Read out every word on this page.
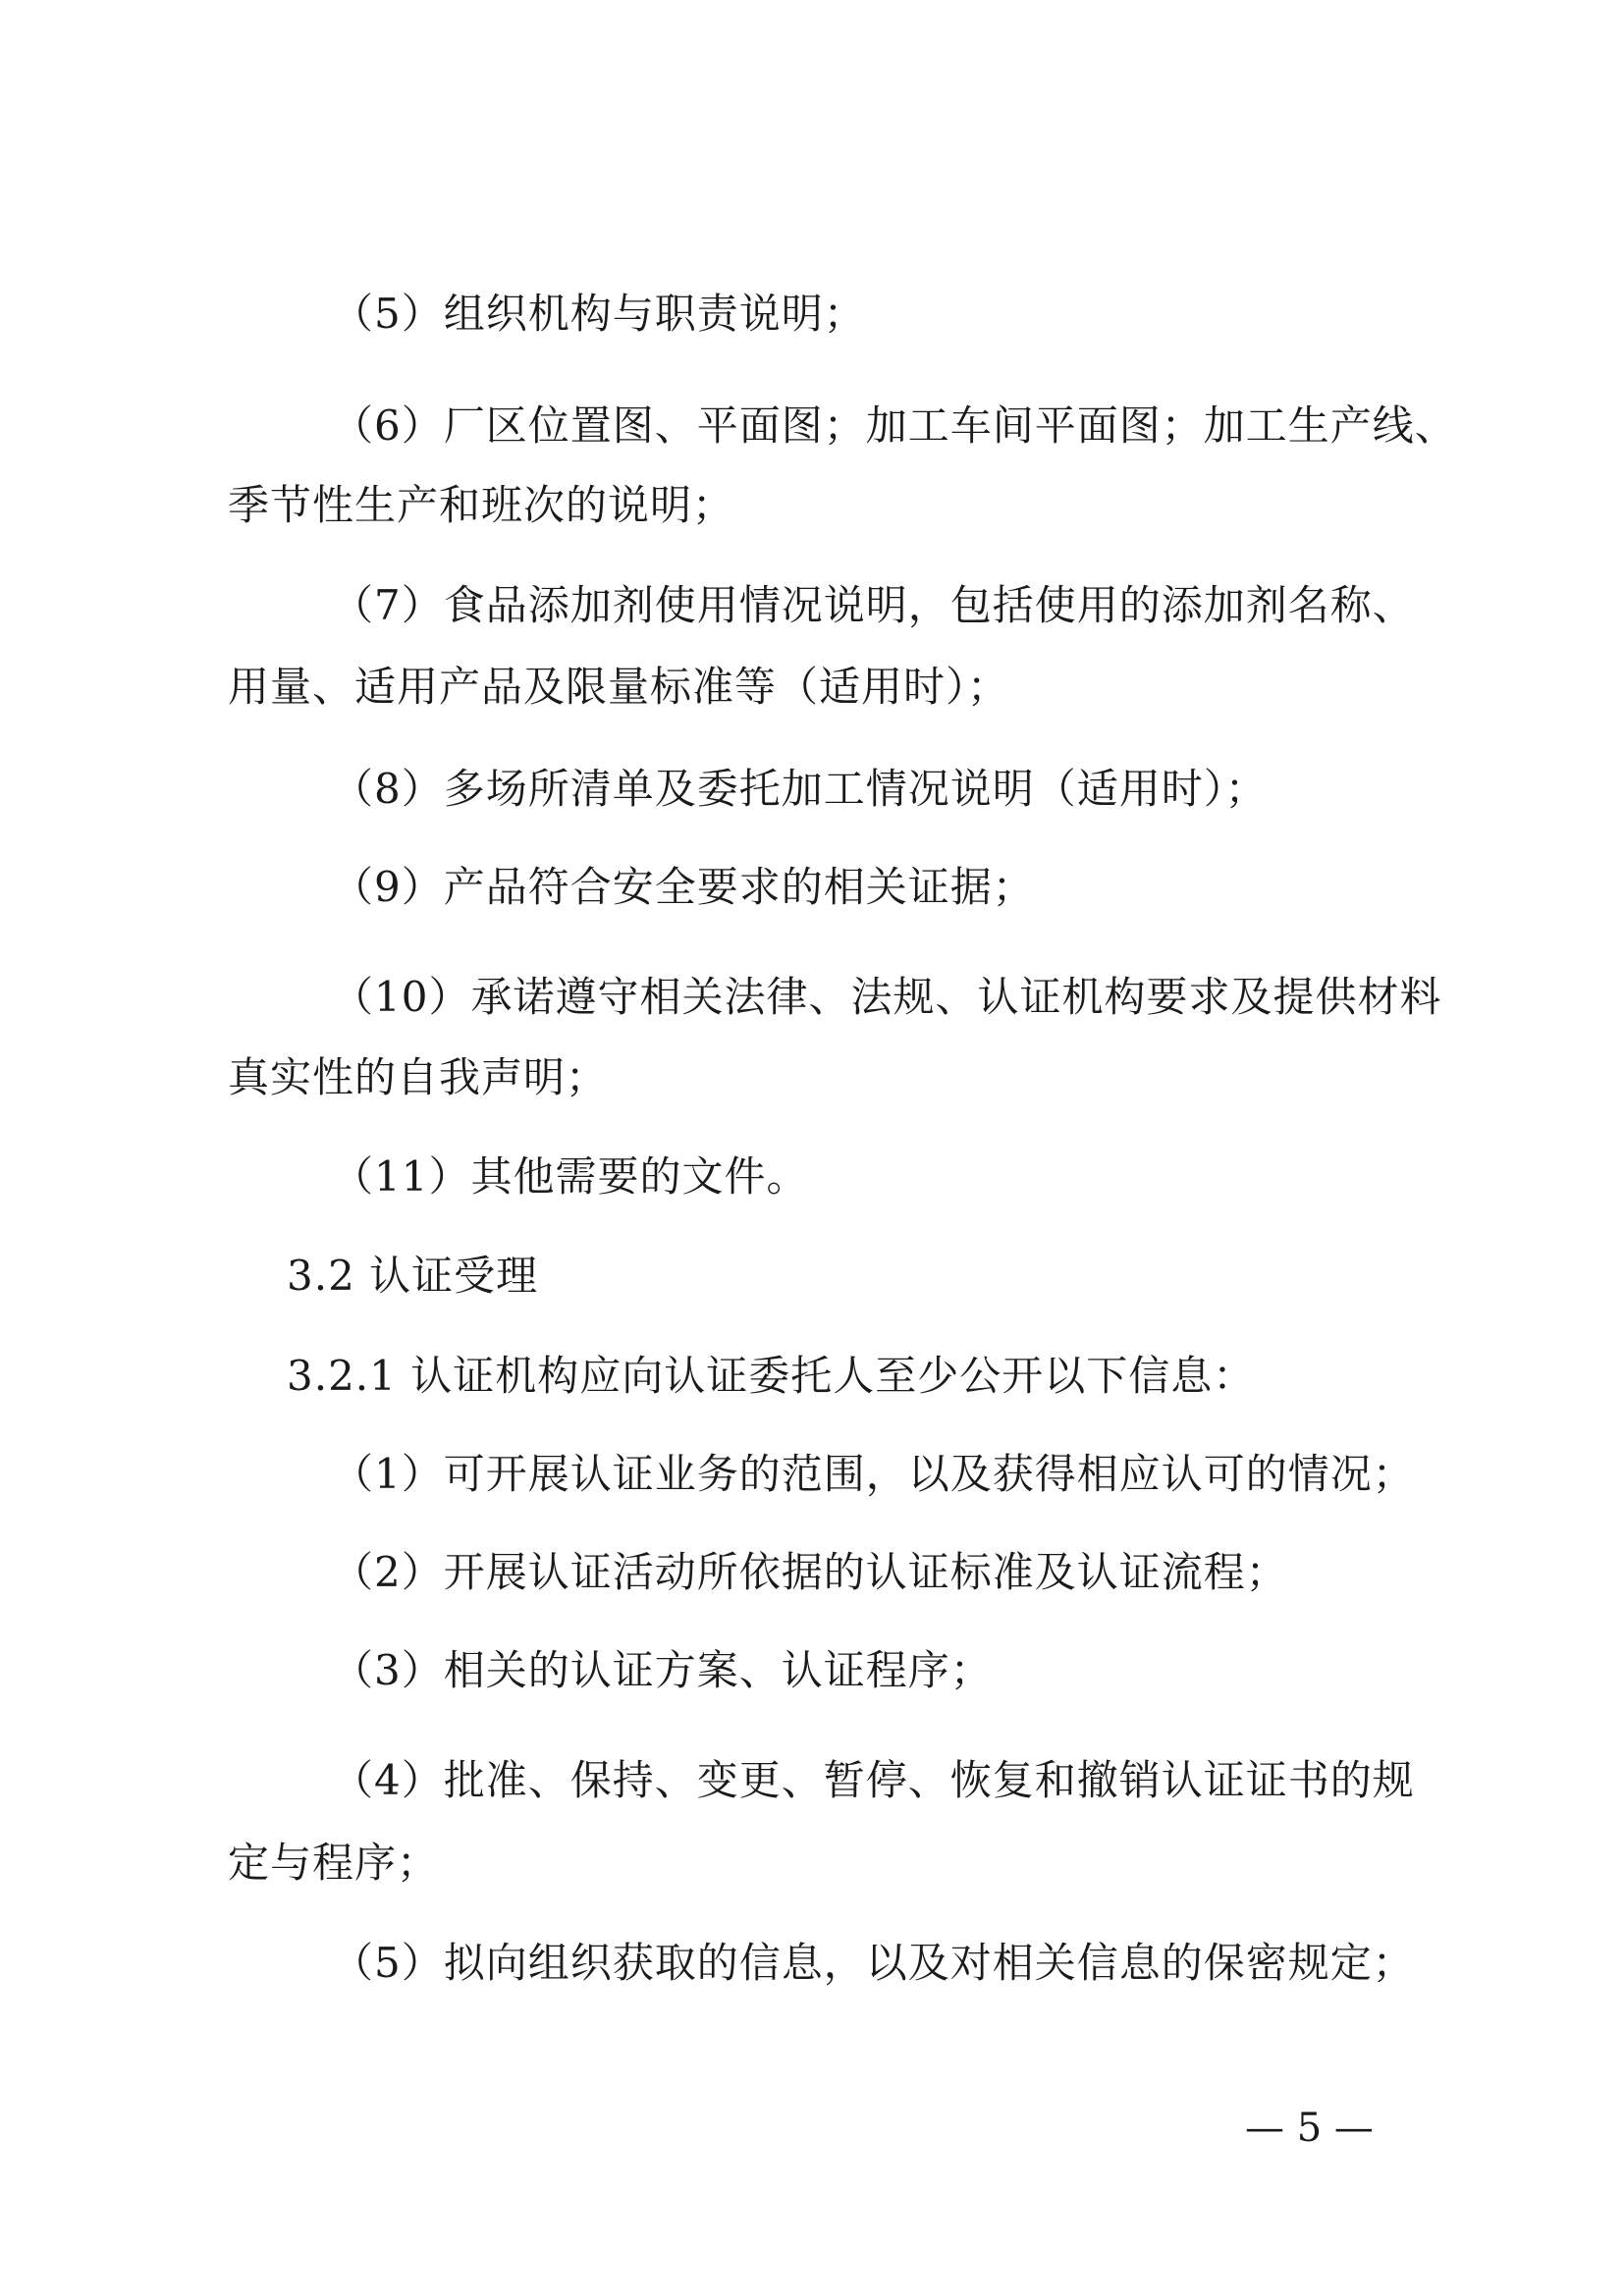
（5）组织机构与职责说明；
（6）厂区位置图、平面图；加工车间平面图；加工生产线、
季节性生产和班次的说明；
（7）食品添加剂使用情况说明，包括使用的添加剂名称、
用量、适用产品及限量标准等（适用时）；
（8）多场所清单及委托加工情况说明（适用时）；
（9）产品符合安全要求的相关证据；
（10）承诺遵守相关法律、法规、认证机构要求及提供材料
真实性的自我声明；
（11）其他需要的文件。
3.2 认证受理
3.2.1 认证机构应向认证委托人至少公开以下信息：
（1）可开展认证业务的范围，以及获得相应认可的情况；
（2）开展认证活动所依据的认证标准及认证流程；
（3）相关的认证方案、认证程序；
（4）批准、保持、变更、暂停、恢复和撤销认证证书的规
定与程序；
（5）拟向组织获取的信息，以及对相关信息的保密规定；
— 5 —
